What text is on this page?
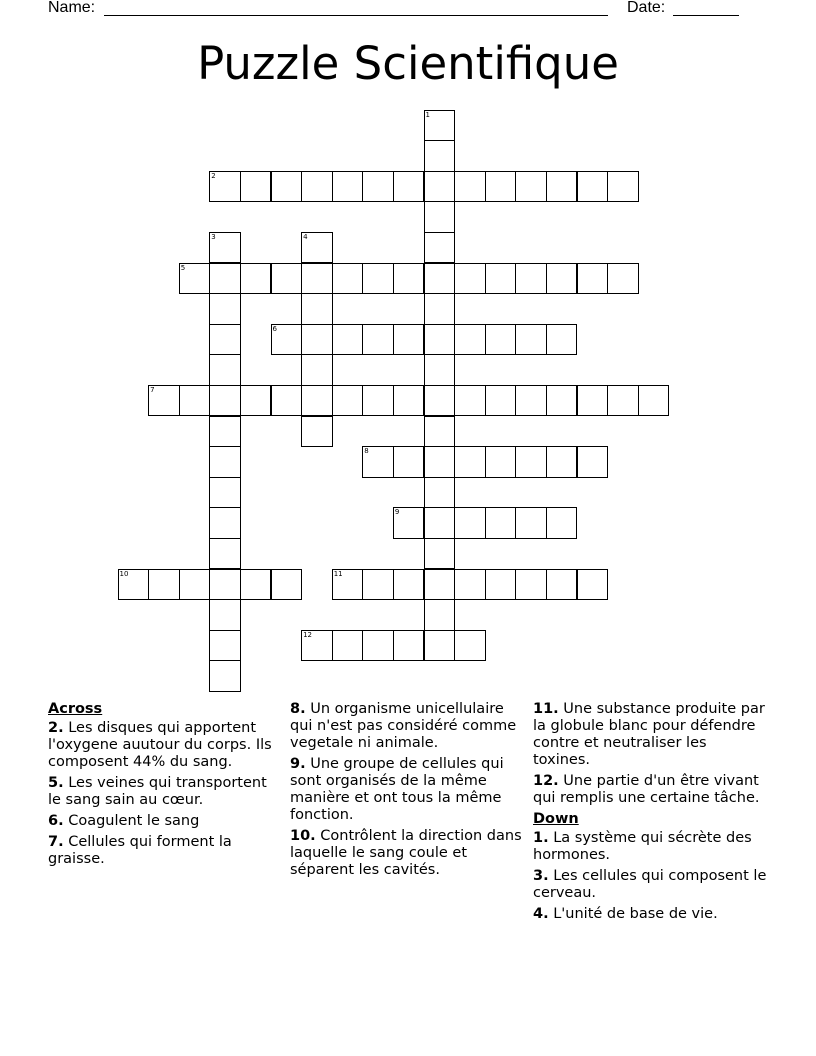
Name:	Date:
Puzzle Scientifique
1
2
3	4
5
6
7
8
9
10	11
12
Across
2. Les disques qui apportent l'oxygene auutour du corps. Ils composent 44% du sang.
5. Les veines qui transportent le sang sain au cœur.
6. Coagulent le sang
7. Cellules qui forment la graisse.
8. Un organisme unicellulaire qui n'est pas considéré comme vegetale ni animale.
9. Une groupe de cellules qui sont organisés de la même manière et ont tous la même fonction.
10. Contrôlent la direction dans laquelle le sang coule et séparent les cavités.
11. Une substance produite par la globule blanc pour défendre contre et neutraliser les toxines.
12. Une partie d'un être vivant qui remplis une certaine tâche.
Down
1. La système qui sécrète des hormones.
3. Les cellules qui composent le cerveau.
4. L'unité de base de vie.
